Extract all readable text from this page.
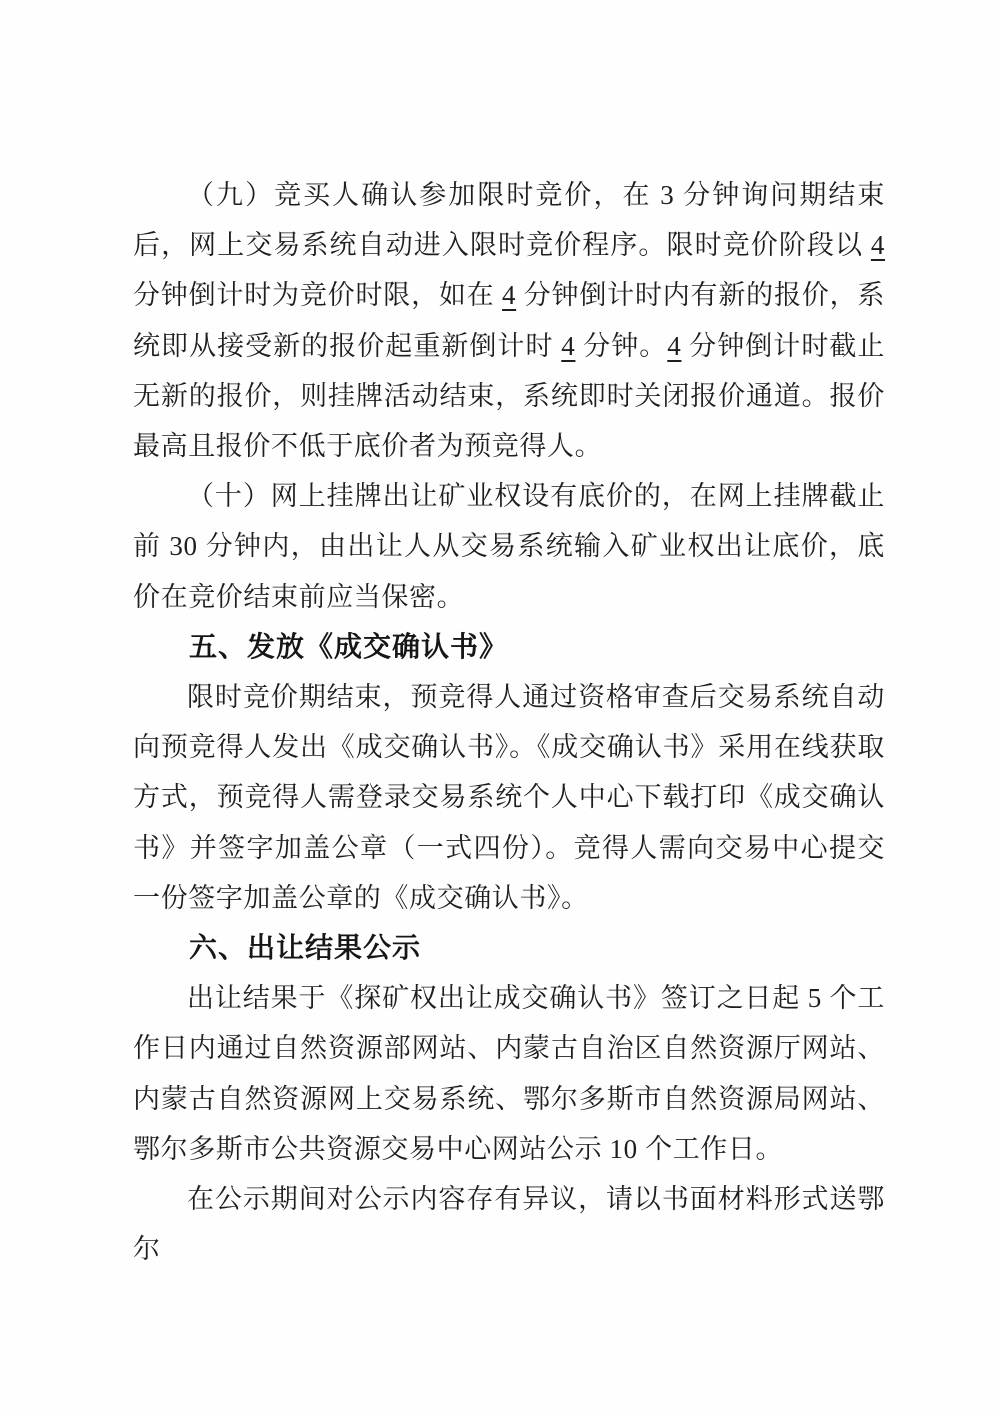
（九）竞买人确认参加限时竞价，在 3 分钟询问期结束后，网上交易系统自动进入限时竞价程序。限时竞价阶段以 4 分钟倒计时为竞价时限，如在 4 分钟倒计时内有新的报价，系统即从接受新的报价起重新倒计时 4 分钟。4 分钟倒计时截止无新的报价，则挂牌活动结束，系统即时关闭报价通道。报价最高且报价不低于底价者为预竞得人。

（十）网上挂牌出让矿业权设有底价的，在网上挂牌截止前 30 分钟内，由出让人从交易系统输入矿业权出让底价，底价在竞价结束前应当保密。

五、发放《成交确认书》

限时竞价期结束，预竞得人通过资格审查后交易系统自动向预竞得人发出《成交确认书》。《成交确认书》采用在线获取方式，预竞得人需登录交易系统个人中心下载打印《成交确认书》并签字加盖公章（一式四份）。竞得人需向交易中心提交一份签字加盖公章的《成交确认书》。

六、出让结果公示

出让结果于《探矿权出让成交确认书》签订之日起 5 个工作日内通过自然资源部网站、内蒙古自治区自然资源厅网站、内蒙古自然资源网上交易系统、鄂尔多斯市自然资源局网站、鄂尔多斯市公共资源交易中心网站公示 10 个工作日。

在公示期间对公示内容存有异议，请以书面材料形式送鄂尔
